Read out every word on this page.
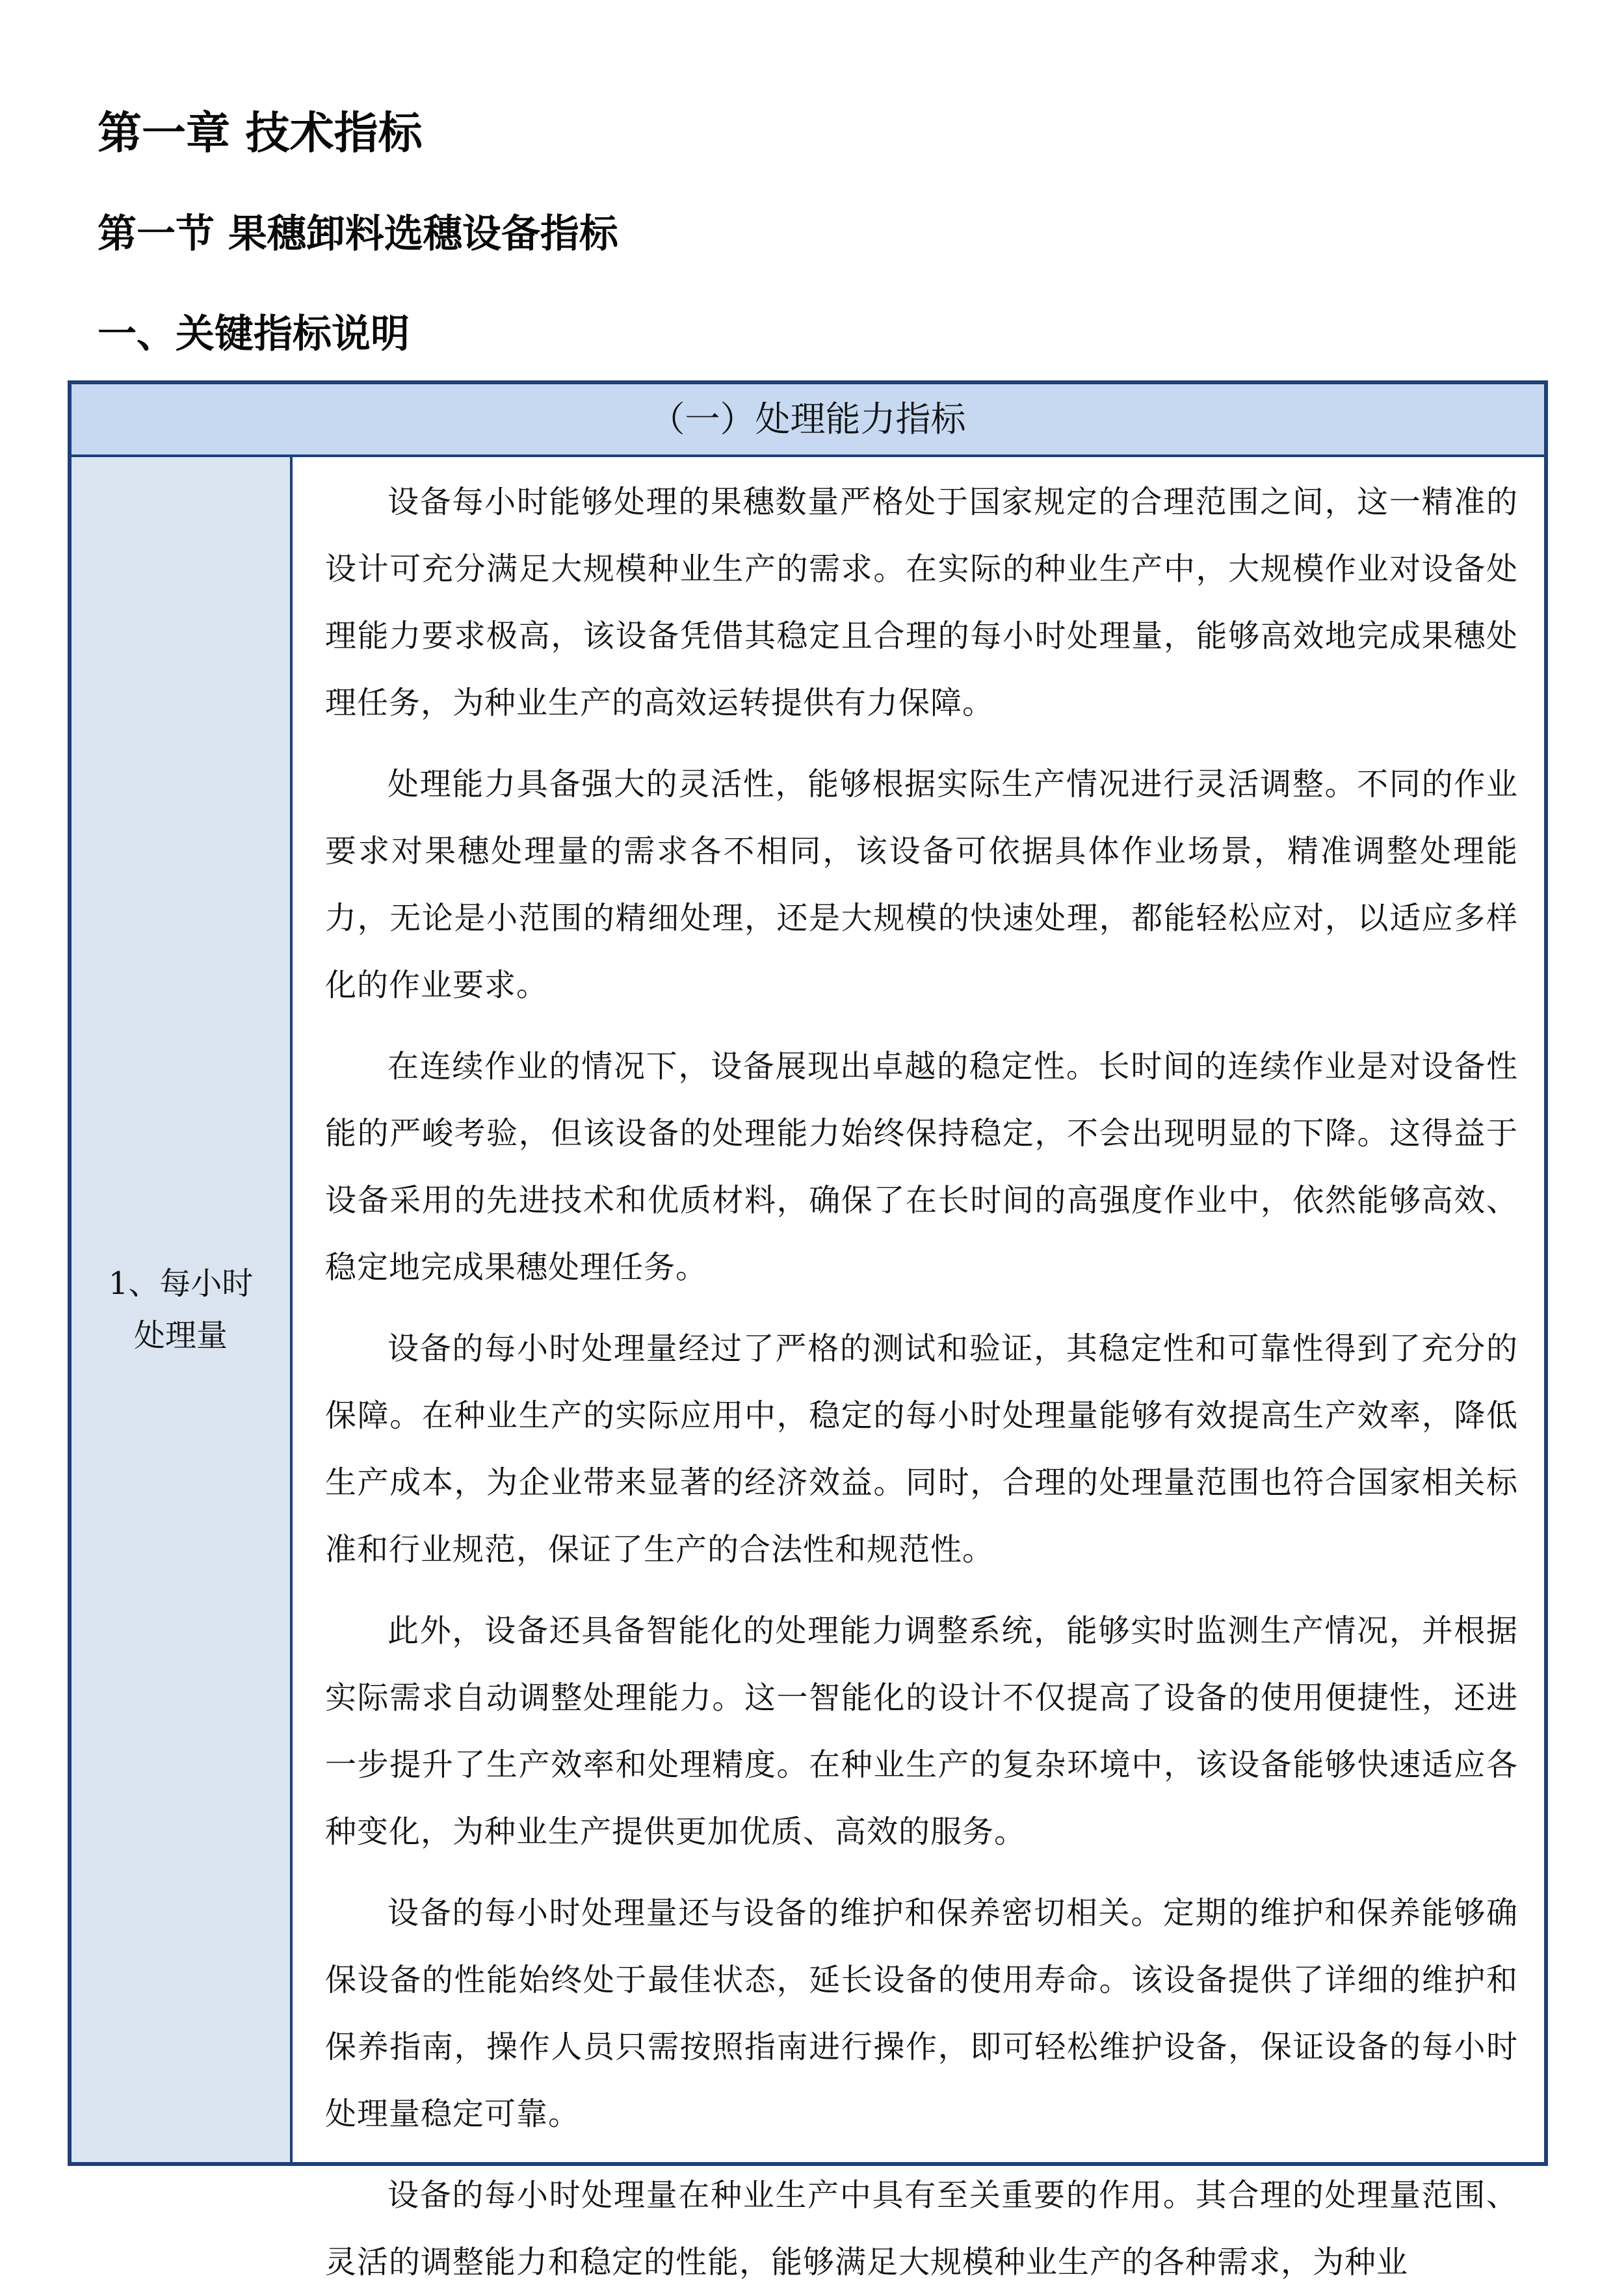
第一章 技术指标
第一节 果穗卸料选穗设备指标
一、关键指标说明
（一）处理能力指标
1、每小时处理量

设备每小时能够处理的果穗数量严格处于国家规定的合理范围之间，这一精准的设计可充分满足大规模种业生产的需求。在实际的种业生产中，大规模作业对设备处理能力要求极高，该设备凭借其稳定且合理的每小时处理量，能够高效地完成果穗处理任务，为种业生产的高效运转提供有力保障。

处理能力具备强大的灵活性，能够根据实际生产情况进行灵活调整。不同的作业要求对果穗处理量的需求各不相同，该设备可依据具体作业场景，精准调整处理能力，无论是小范围的精细处理，还是大规模的快速处理，都能轻松应对，以适应多样化的作业要求。

在连续作业的情况下，设备展现出卓越的稳定性。长时间的连续作业是对设备性能的严峻考验，但该设备的处理能力始终保持稳定，不会出现明显的下降。这得益于设备采用的先进技术和优质材料，确保了在长时间的高强度作业中，依然能够高效、稳定地完成果穗处理任务。

设备的每小时处理量经过了严格的测试和验证，其稳定性和可靠性得到了充分的保障。在种业生产的实际应用中，稳定的每小时处理量能够有效提高生产效率，降低生产成本，为企业带来显著的经济效益。同时，合理的处理量范围也符合国家相关标准和行业规范，保证了生产的合法性和规范性。

此外，设备还具备智能化的处理能力调整系统，能够实时监测生产情况，并根据实际需求自动调整处理能力。这一智能化的设计不仅提高了设备的使用便捷性，还进一步提升了生产效率和处理精度。在种业生产的复杂环境中，该设备能够快速适应各种变化，为种业生产提供更加优质、高效的服务。

设备的每小时处理量还与设备的维护和保养密切相关。定期的维护和保养能够确保设备的性能始终处于最佳状态，延长设备的使用寿命。该设备提供了详细的维护和保养指南，操作人员只需按照指南进行操作，即可轻松维护设备，保证设备的每小时处理量稳定可靠。

设备的每小时处理量在种业生产中具有至关重要的作用。其合理的处理量范围、灵活的调整能力和稳定的性能，能够满足大规模种业生产的各种需求，为种业
